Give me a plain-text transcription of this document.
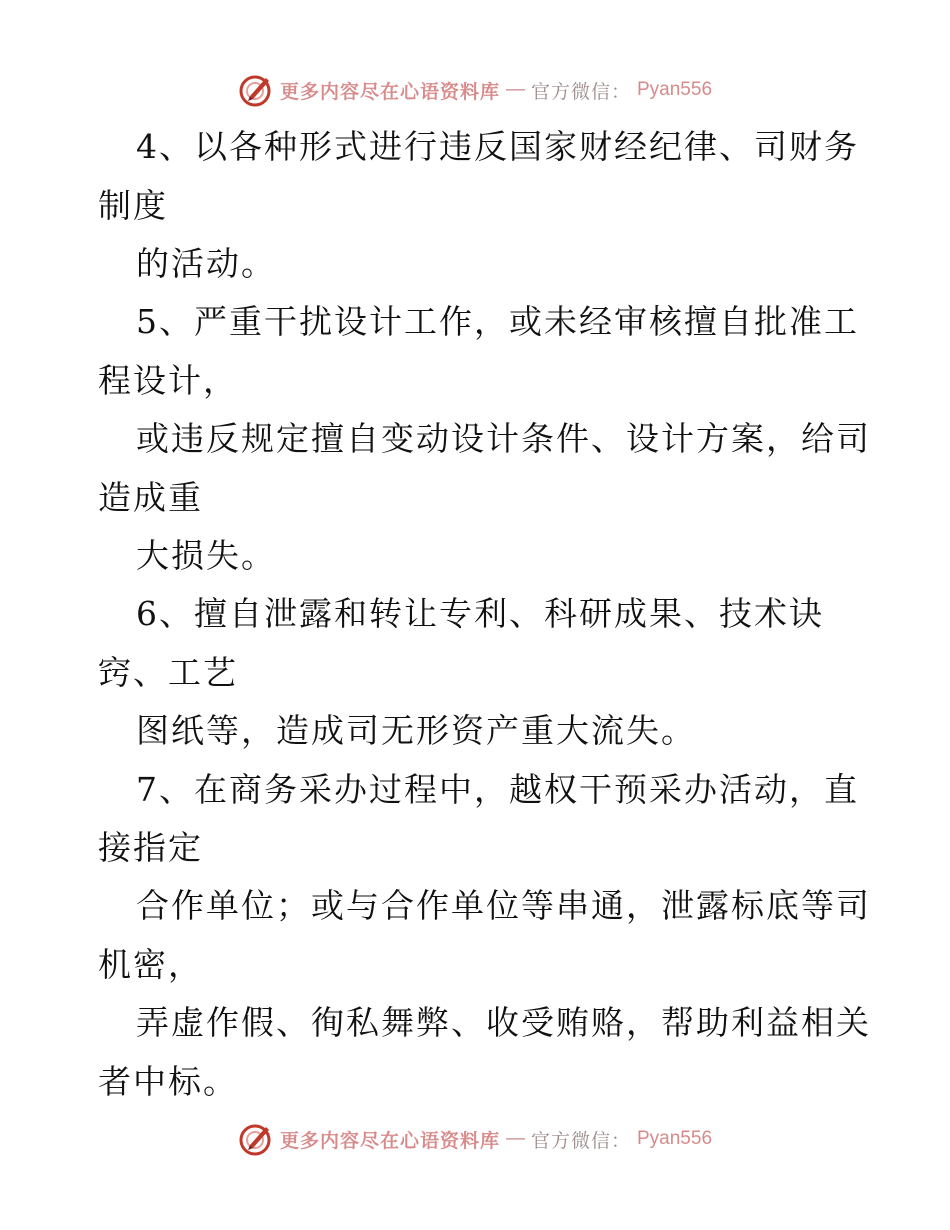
更多内容尽在心语资料库 — 官方微信： Pyan556
4、以各种形式进行违反国家财经纪律、司财务
制度
的活动。
5、严重干扰设计工作，或未经审核擅自批准工
程设计，
或违反规定擅自变动设计条件、设计方案，给司
造成重
大损失。
6、擅自泄露和转让专利、科研成果、技术诀
窍、工艺
图纸等，造成司无形资产重大流失。
7、在商务采办过程中，越权干预采办活动，直
接指定
合作单位；或与合作单位等串通，泄露标底等司
机密，
弄虚作假、徇私舞弊、收受贿赂，帮助利益相关
者中标。
更多内容尽在心语资料库 — 官方微信： Pyan556
